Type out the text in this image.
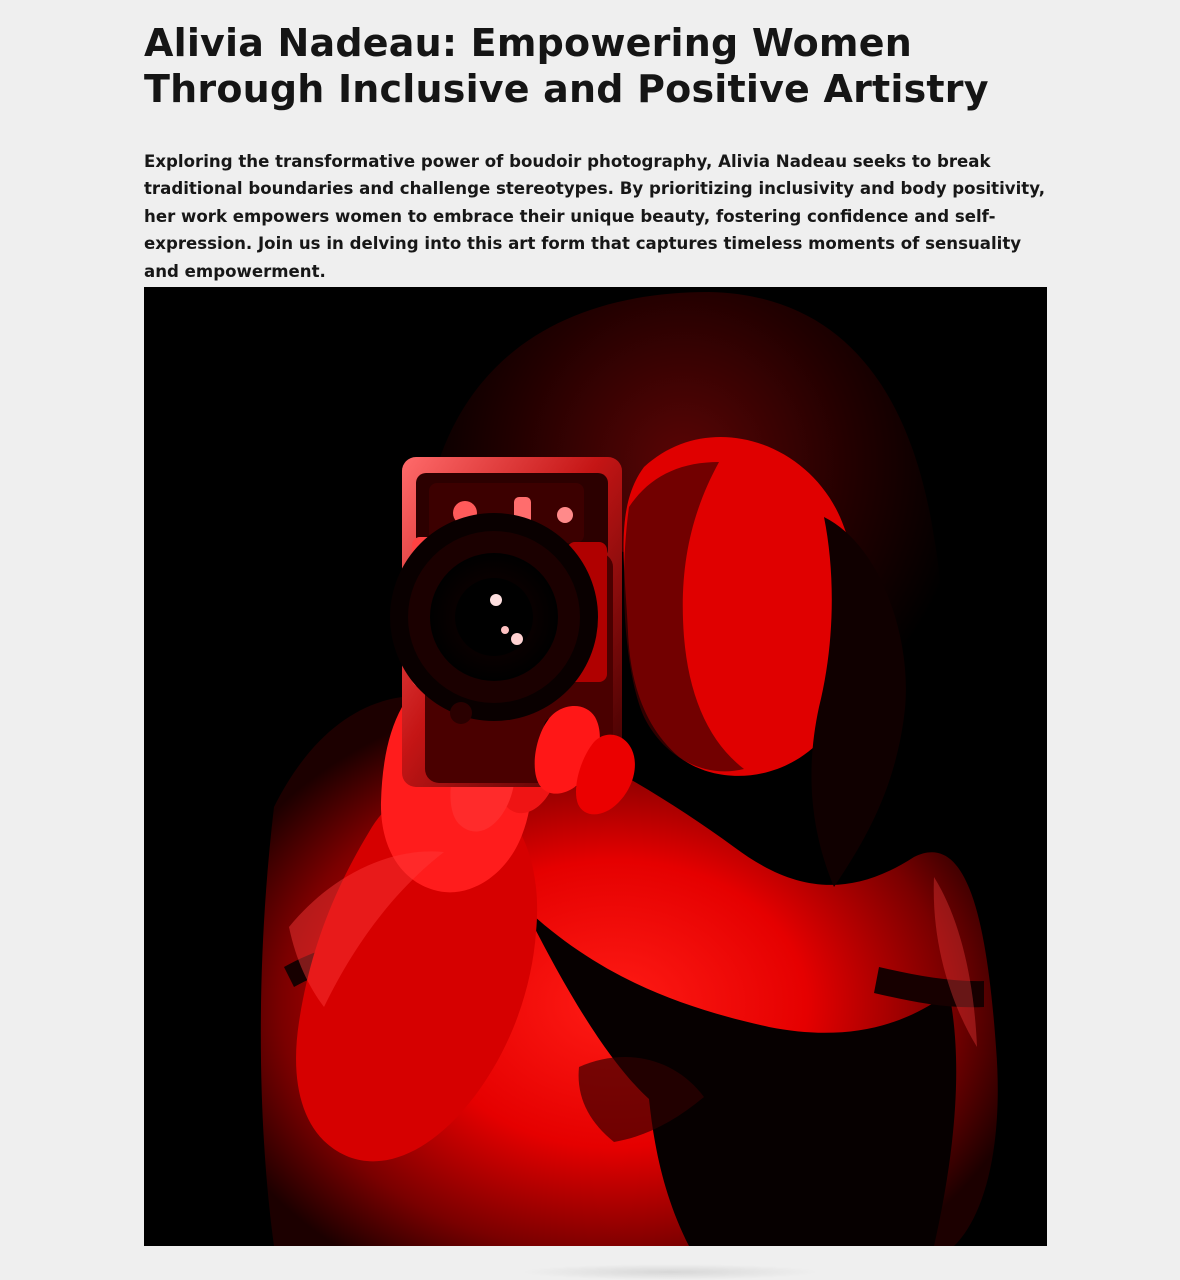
Alivia Nadeau: Empowering Women Through Inclusive and Positive Artistry

Exploring the transformative power of boudoir photography, Alivia Nadeau seeks to break traditional boundaries and challenge stereotypes. By prioritizing inclusivity and body positivity, her work empowers women to embrace their unique beauty, fostering confidence and self-expression. Join us in delving into this art form that captures timeless moments of sensuality and empowerment.
